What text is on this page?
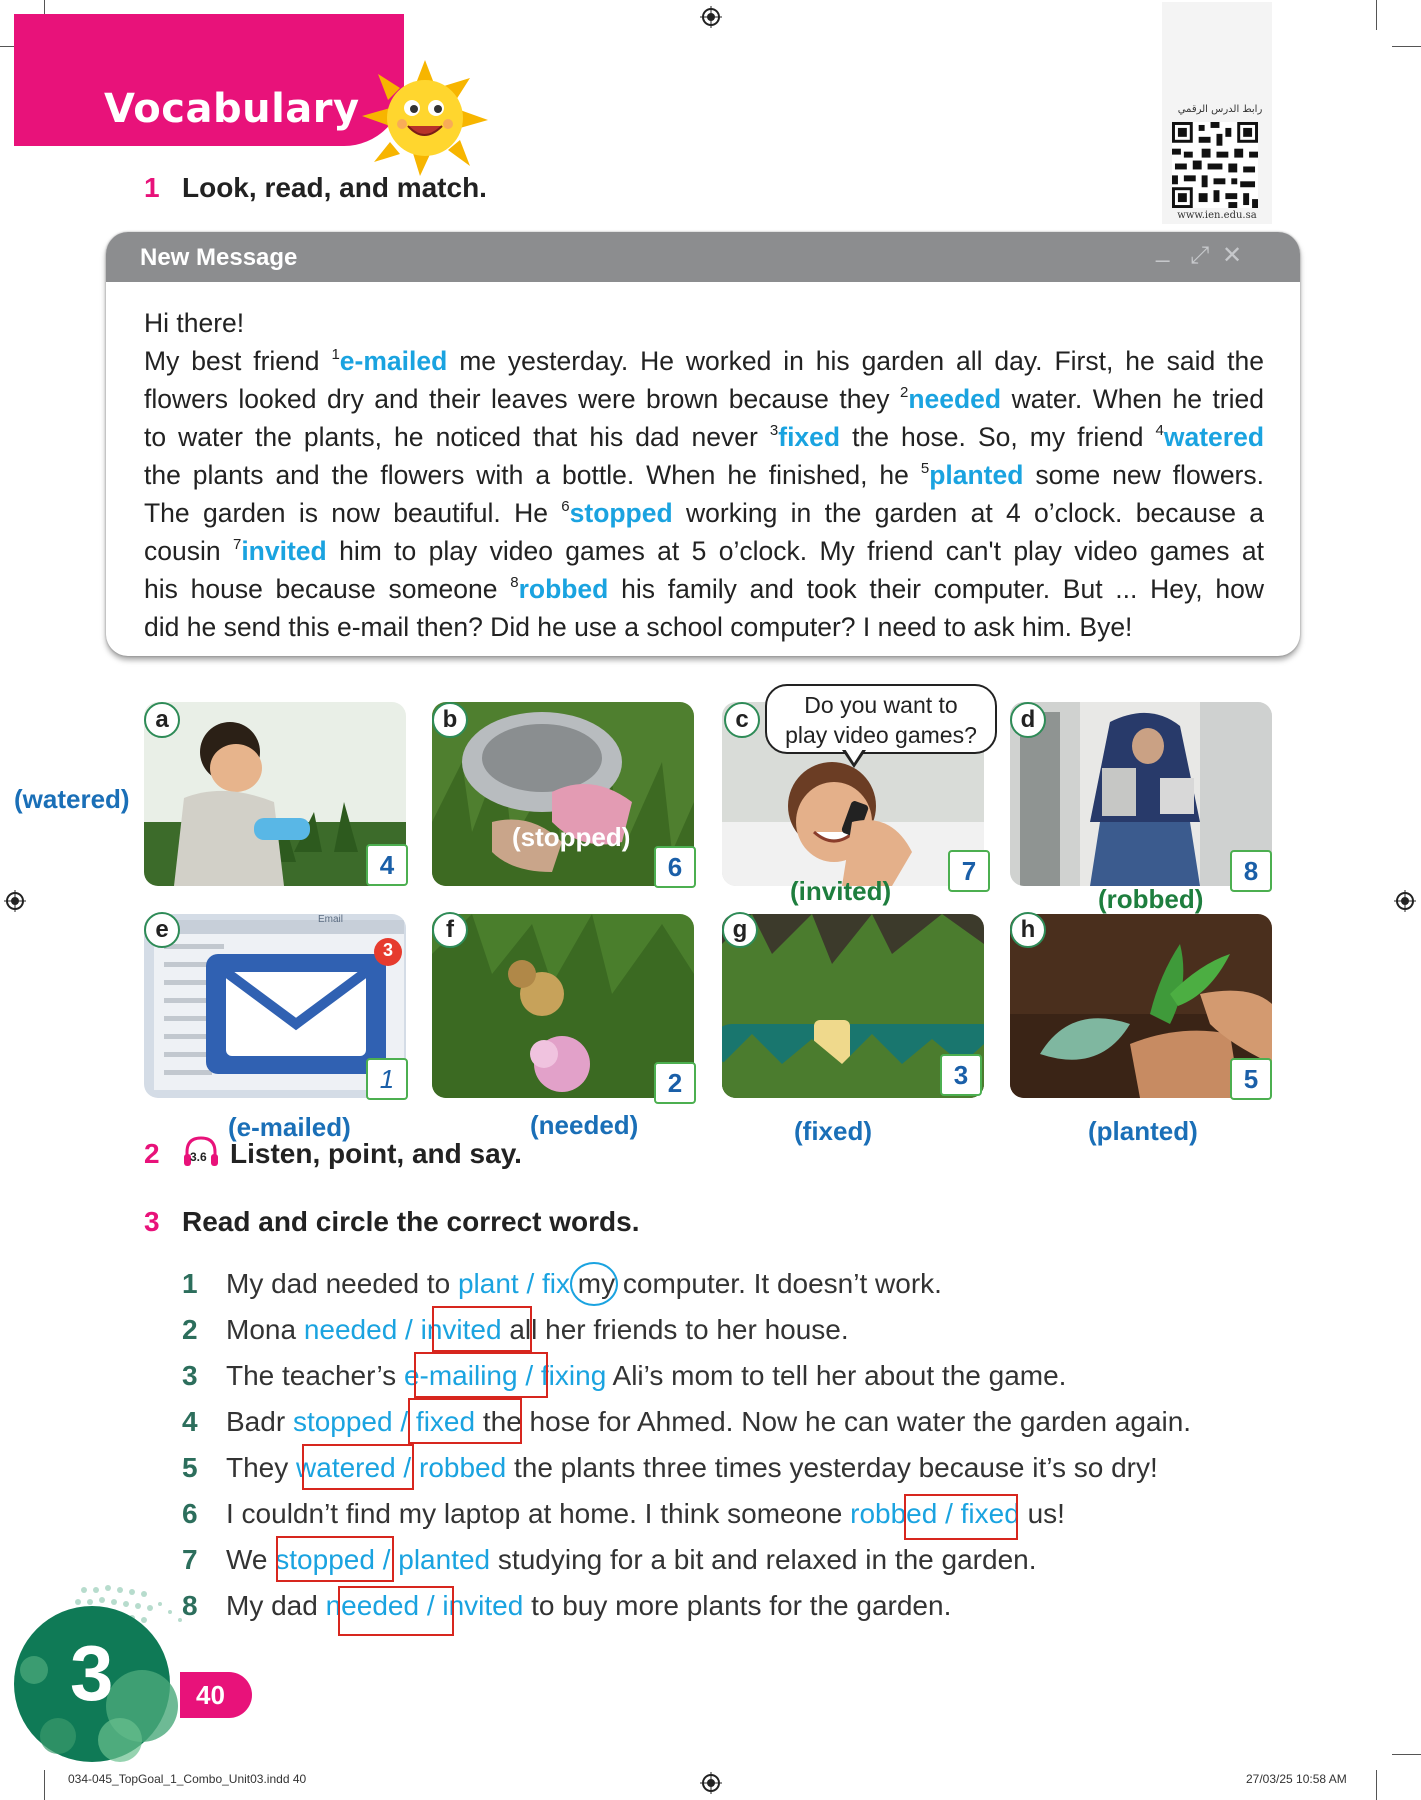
Vocabulary	رابط الدرس الرقمي
www.ien.edu.sa
1 Look, read, and match.
New Message	_ ⤢ ✕
Hi there!
My best friend $^1$e-mailed me yesterday. He worked in his garden all day. First, he said the
flowers looked dry and their leaves were brown because they $^2$needed water. When he tried
to water the plants, he noticed that his dad never $^3$fixed the hose. So, my friend $^4$watered
the plants and the flowers with a bottle. When he finished, he $^5$planted some new flowers.
The garden is now beautiful. He $^6$stopped working in the garden at 4 o’clock. because a
cousin $^7$invited him to play video games at 5 o’clock. My friend can't play video games at
his house because someone $^8$robbed his family and took their computer. But ... Hey, how
did he send this e-mail then? Did he use a school computer? I need to ask him. Bye!
Do you want to
play video games?
3
Email
a	b	c	d
e	f	g	h
4	6	7	8
1	2	3	5
(watered)
(stopped)
(invited)	(robbed)
(e-mailed)	(needed)	(fixed)	(planted)
2	3.6 Listen, point, and say.
3 Read and circle the correct words.
1 My dad needed to plant / fix my computer. It doesn’t work.
2 Mona needed / invited all her friends to her house.
3 The teacher’s e-mailing / fixing Ali’s mom to tell her about the game.
4 Badr stopped / fixed the hose for Ahmed. Now he can water the garden again.
5 They watered / robbed the plants three times yesterday because it’s so dry!
6 I couldn’t find my laptop at home. I think someone robbed / fixed us!
7 We stopped / planted studying for a bit and relaxed in the garden.
8 My dad needed / invited to buy more plants for the garden.
3	40
034-045_TopGoal_1_Combo_Unit03.indd 40	27/03/25 10:58 AM
